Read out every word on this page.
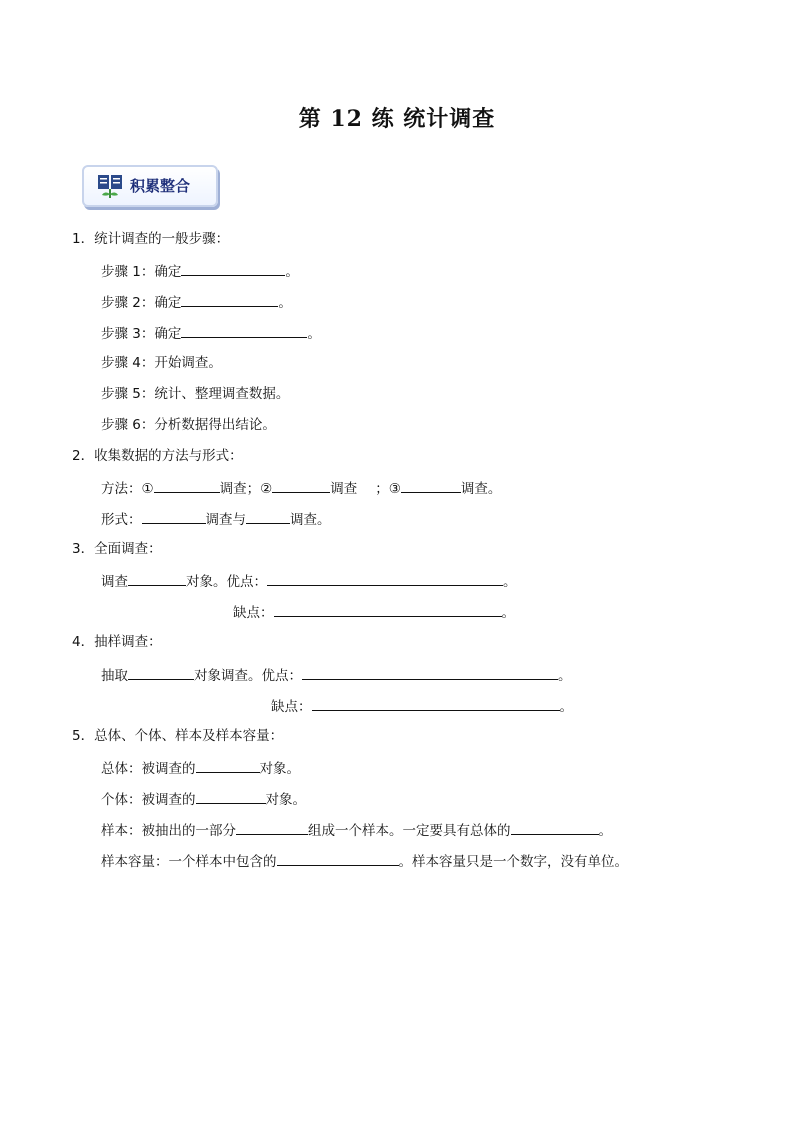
第 12 练 统计调查
积累整合
1．统计调查的一般步骤：
步骤 1：确定	。
步骤 2：确定	。
步骤 3：确定	。
步骤 4：开始调查。
步骤 5：统计、整理调查数据。
步骤 6：分析数据得出结论。
2．收集数据的方法与形式：
方法：①	调查；②	调查 ；③	调查。
形式：	调查与	调查。
3．全面调查：
调查	对象。优点：	。
缺点：	。
4．抽样调查：
抽取	对象调查。优点：	。
缺点：	。
5．总体、个体、样本及样本容量：
总体：被调查的	对象。
个体：被调查的	对象。
样本：被抽出的一部分	组成一个样本。一定要具有总体的	。
样本容量：一个样本中包含的	。样本容量只是一个数字，没有单位。
